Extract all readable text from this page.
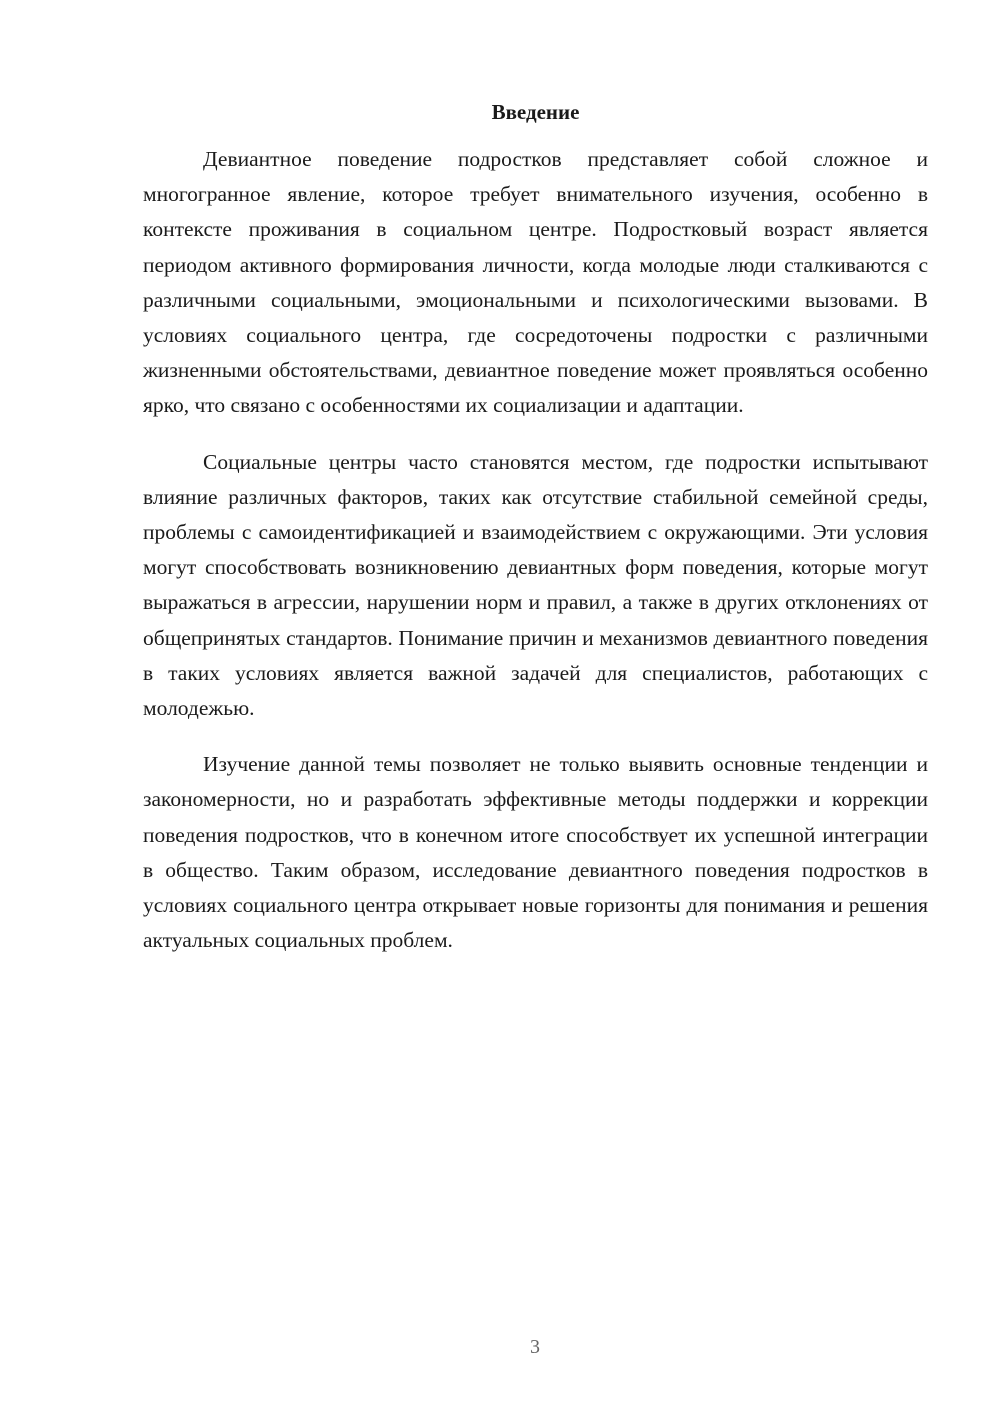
Введение

Девиантное поведение подростков представляет собой сложное и многогранное явление, которое требует внимательного изучения, особенно в контексте проживания в социальном центре. Подростковый возраст является периодом активного формирования личности, когда молодые люди сталкиваются с различными социальными, эмоциональными и психологическими вызовами. В условиях социального центра, где сосредоточены подростки с различными жизненными обстоятельствами, девиантное поведение может проявляться особенно ярко, что связано с особенностями их социализации и адаптации.

Социальные центры часто становятся местом, где подростки испытывают влияние различных факторов, таких как отсутствие стабильной семейной среды, проблемы с самоидентификацией и взаимодействием с окружающими. Эти условия могут способствовать возникновению девиантных форм поведения, которые могут выражаться в агрессии, нарушении норм и правил, а также в других отклонениях от общепринятых стандартов. Понимание причин и механизмов девиантного поведения в таких условиях является важной задачей для специалистов, работающих с молодежью.

Изучение данной темы позволяет не только выявить основные тенденции и закономерности, но и разработать эффективные методы поддержки и коррекции поведения подростков, что в конечном итоге способствует их успешной интеграции в общество. Таким образом, исследование девиантного поведения подростков в условиях социального центра открывает новые горизонты для понимания и решения актуальных социальных проблем.

3
